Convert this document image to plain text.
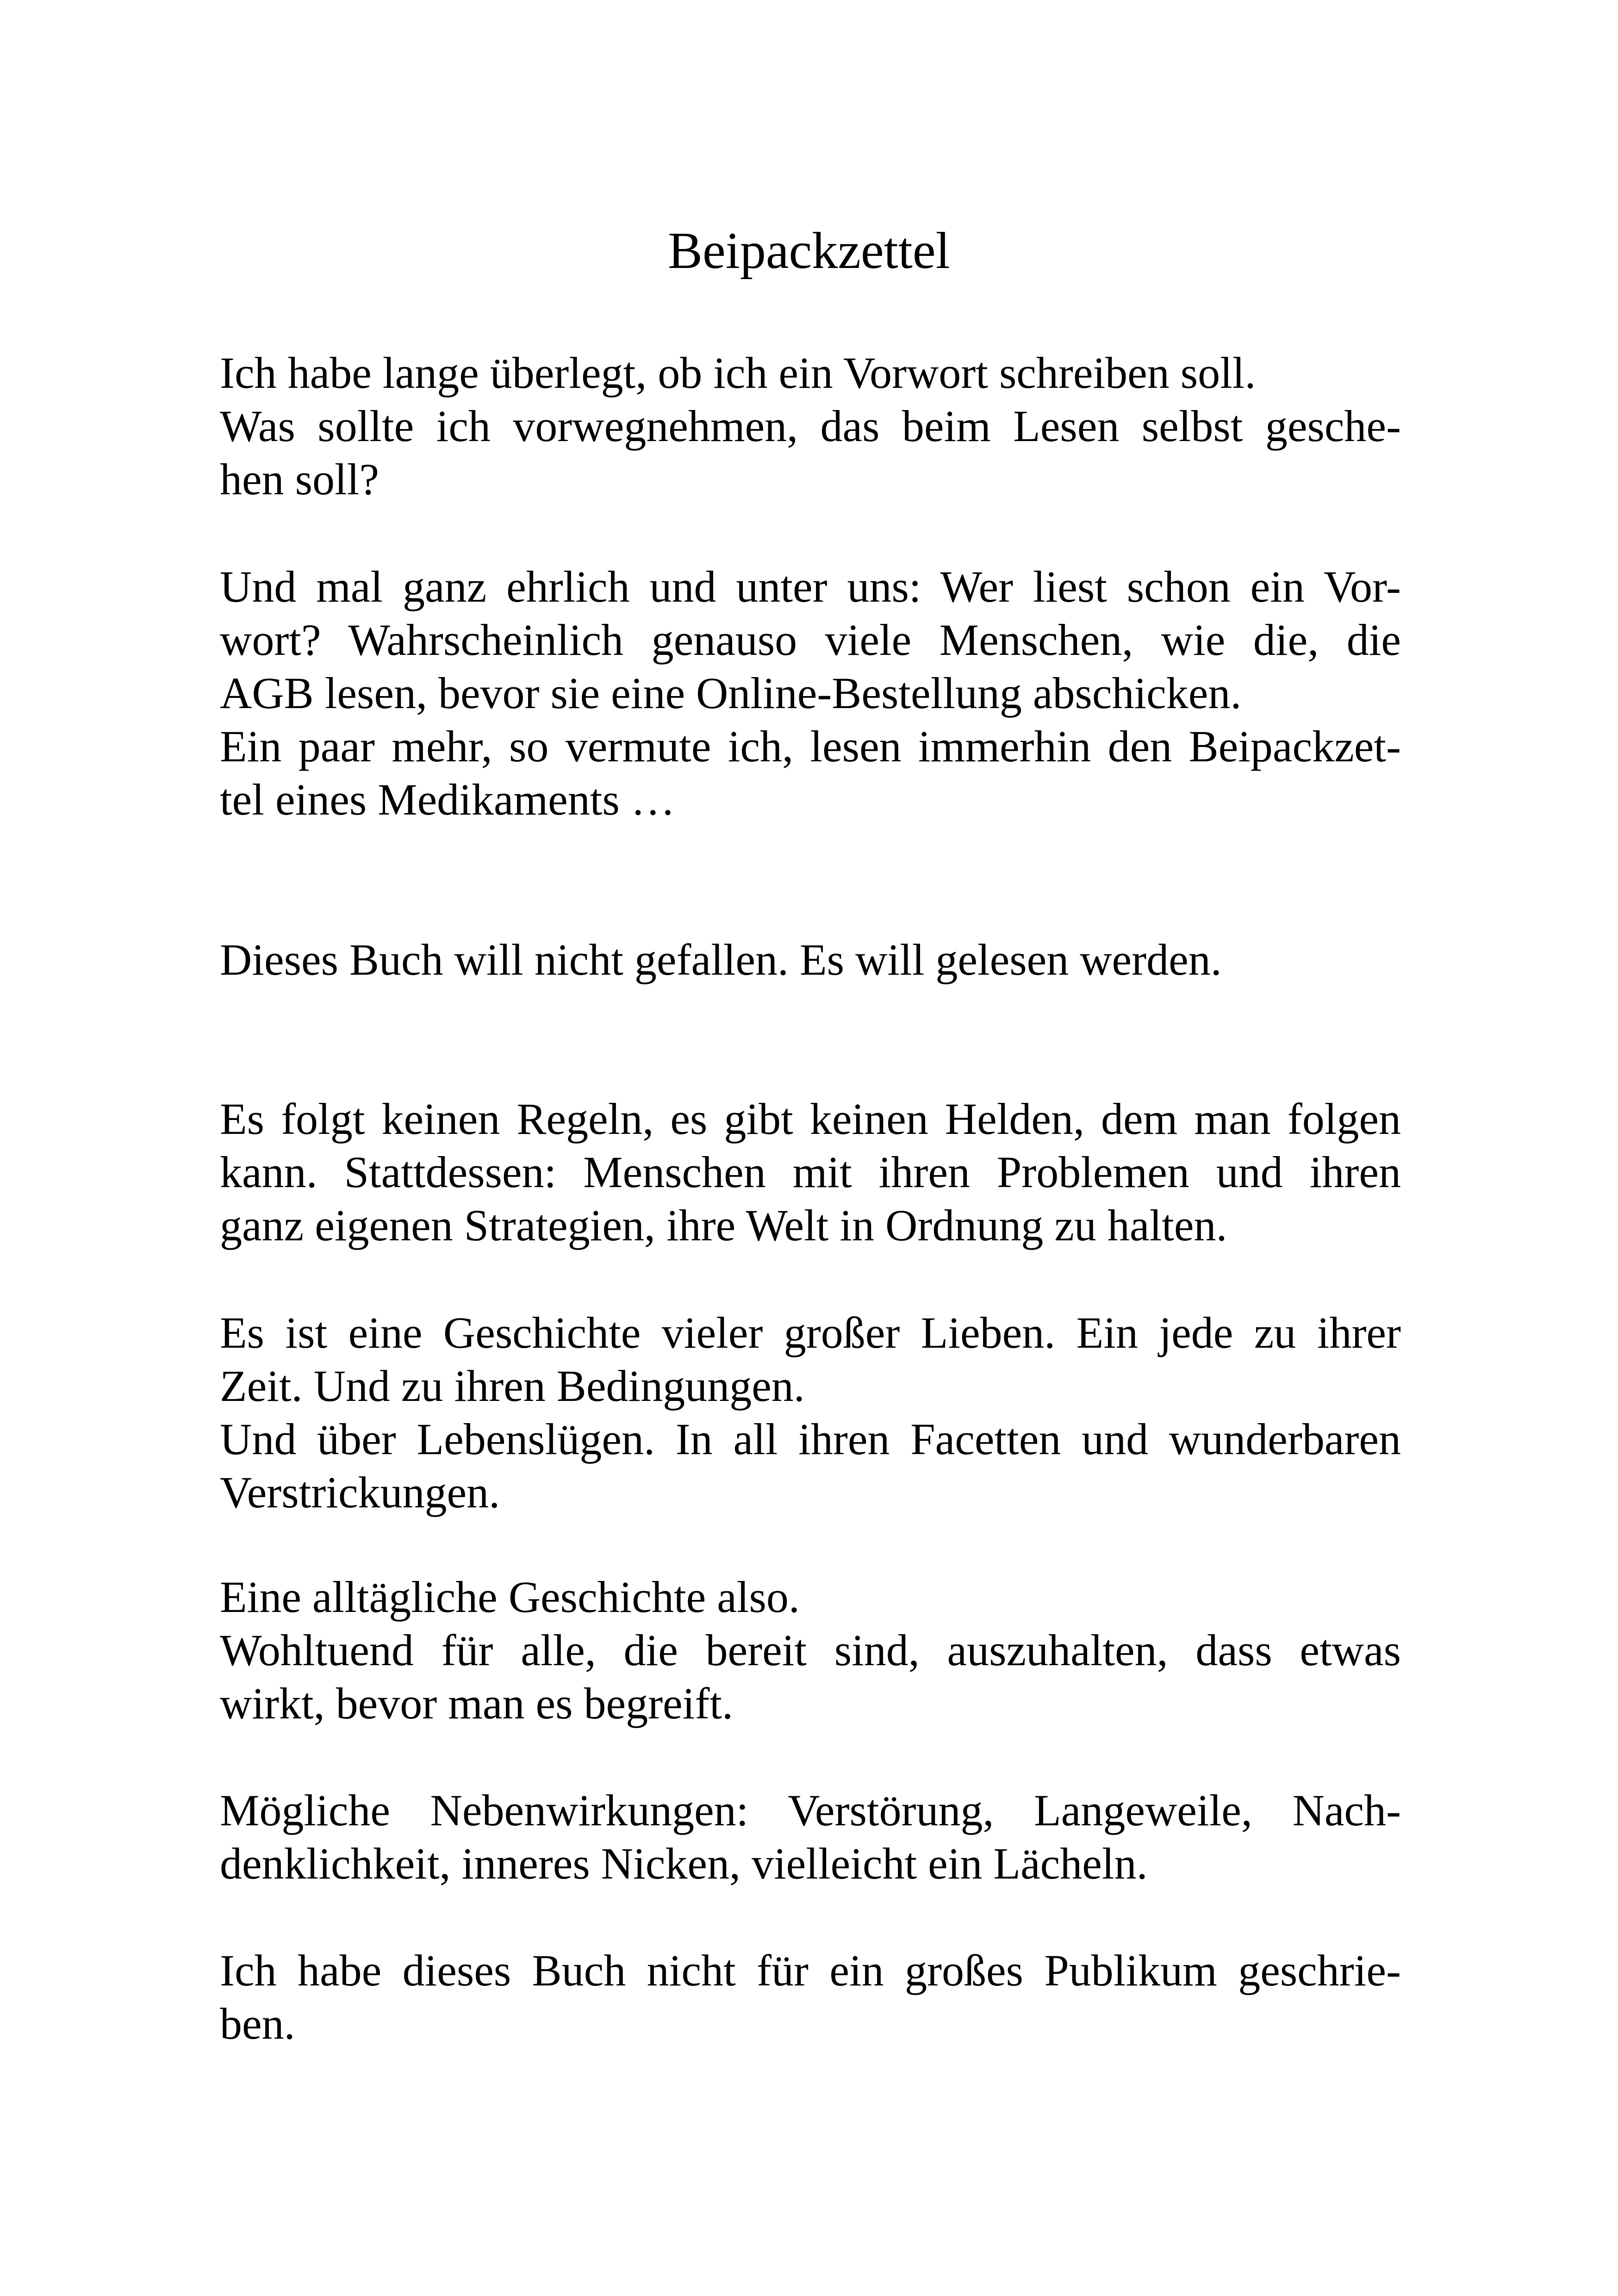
Beipackzettel

Ich habe lange überlegt, ob ich ein Vorwort schreiben soll.
Was sollte ich vorwegnehmen, das beim Lesen selbst gesche-
hen soll?

Und mal ganz ehrlich und unter uns: Wer liest schon ein Vor-
wort? Wahrscheinlich genauso viele Menschen, wie die, die
AGB lesen, bevor sie eine Online-Bestellung abschicken.
Ein paar mehr, so vermute ich, lesen immerhin den Beipackzet-
tel eines Medikaments …

Dieses Buch will nicht gefallen. Es will gelesen werden.

Es folgt keinen Regeln, es gibt keinen Helden, dem man folgen
kann. Stattdessen: Menschen mit ihren Problemen und ihren
ganz eigenen Strategien, ihre Welt in Ordnung zu halten.

Es ist eine Geschichte vieler großer Lieben. Ein jede zu ihrer
Zeit. Und zu ihren Bedingungen.
Und über Lebenslügen. In all ihren Facetten und wunderbaren
Verstrickungen.

Eine alltägliche Geschichte also.
Wohltuend für alle, die bereit sind, auszuhalten, dass etwas
wirkt, bevor man es begreift.

Mögliche Nebenwirkungen: Verstörung, Langeweile, Nach-
denklichkeit, inneres Nicken, vielleicht ein Lächeln.

Ich habe dieses Buch nicht für ein großes Publikum geschrie-
ben.
